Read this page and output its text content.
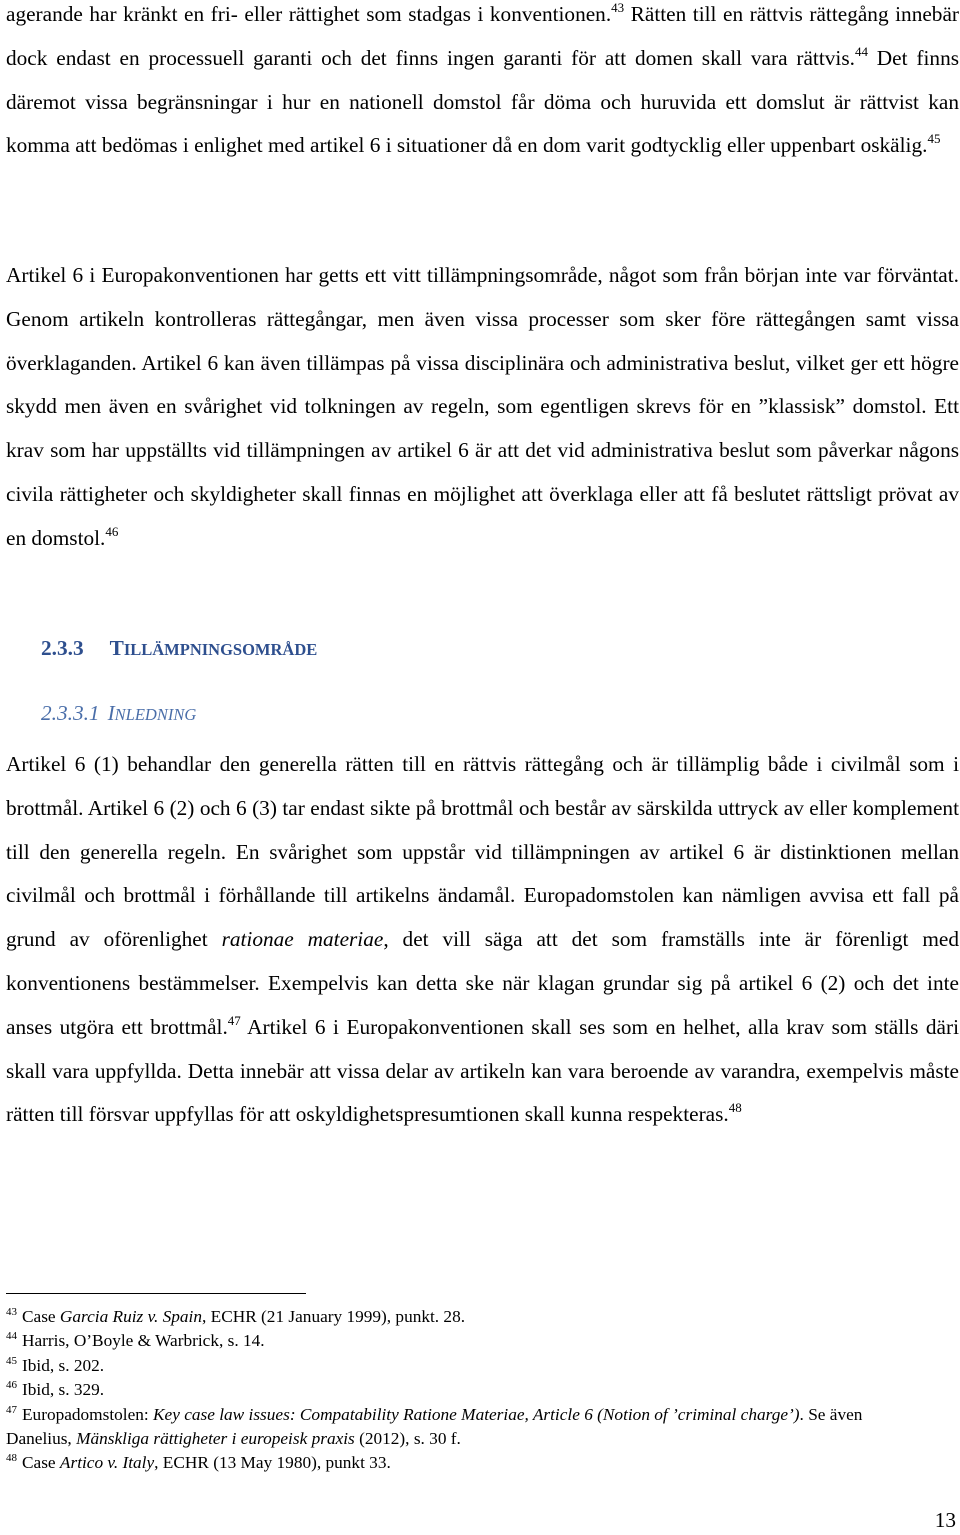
agerande har kränkt en fri- eller rättighet som stadgas i konventionen.$^{43}$ Rätten till en rättvis rättegång innebär dock endast en processuell garanti och det finns ingen garanti för att domen skall vara rättvis.$^{44}$ Det finns däremot vissa begränsningar i hur en nationell domstol får döma och huruvida ett domslut är rättvist kan komma att bedömas i enlighet med artikel 6 i situationer då en dom varit godtycklig eller uppenbart oskälig.$^{45}$

Artikel 6 i Europakonventionen har getts ett vitt tillämpningsområde, något som från början inte var förväntat. Genom artikeln kontrolleras rättegångar, men även vissa processer som sker före rättegången samt vissa överklaganden. Artikel 6 kan även tillämpas på vissa disciplinära och administrativa beslut, vilket ger ett högre skydd men även en svårighet vid tolkningen av regeln, som egentligen skrevs för en ”klassisk” domstol. Ett krav som har uppställts vid tillämpningen av artikel 6 är att det vid administrativa beslut som påverkar någons civila rättigheter och skyldigheter skall finnas en möjlighet att överklaga eller att få beslutet rättsligt prövat av en domstol.$^{46}$

2.3.3 TILLÄMPNINGSOMRÅDE
2.3.3.1 INLEDNING

Artikel 6 (1) behandlar den generella rätten till en rättvis rättegång och är tillämplig både i civilmål som i brottmål. Artikel 6 (2) och 6 (3) tar endast sikte på brottmål och består av särskilda uttryck av eller komplement till den generella regeln. En svårighet som uppstår vid tillämpningen av artikel 6 är distinktionen mellan civilmål och brottmål i förhållande till artikelns ändamål. Europadomstolen kan nämligen avvisa ett fall på grund av oförenlighet rationae materiae, det vill säga att det som framställs inte är förenligt med konventionens bestämmelser. Exempelvis kan detta ske när klagan grundar sig på artikel 6 (2) och det inte anses utgöra ett brottmål.$^{47}$ Artikel 6 i Europakonventionen skall ses som en helhet, alla krav som ställs däri skall vara uppfyllda. Detta innebär att vissa delar av artikeln kan vara beroende av varandra, exempelvis måste rätten till försvar uppfyllas för att oskyldighetspresumtionen skall kunna respekteras.$^{48}$

$^{43}$ Case Garcia Ruiz v. Spain, ECHR (21 January 1999), punkt. 28.

$^{44}$ Harris, O’Boyle & Warbrick, s. 14.

$^{45}$ Ibid, s. 202.

$^{46}$ Ibid, s. 329.

$^{47}$ Europadomstolen: Key case law issues: Compatability Ratione Materiae, Article 6 (Notion of ’criminal charge’). Se även Danelius, Mänskliga rättigheter i europeisk praxis (2012), s. 30 f.

$^{48}$ Case Artico v. Italy, ECHR (13 May 1980), punkt 33.

13
